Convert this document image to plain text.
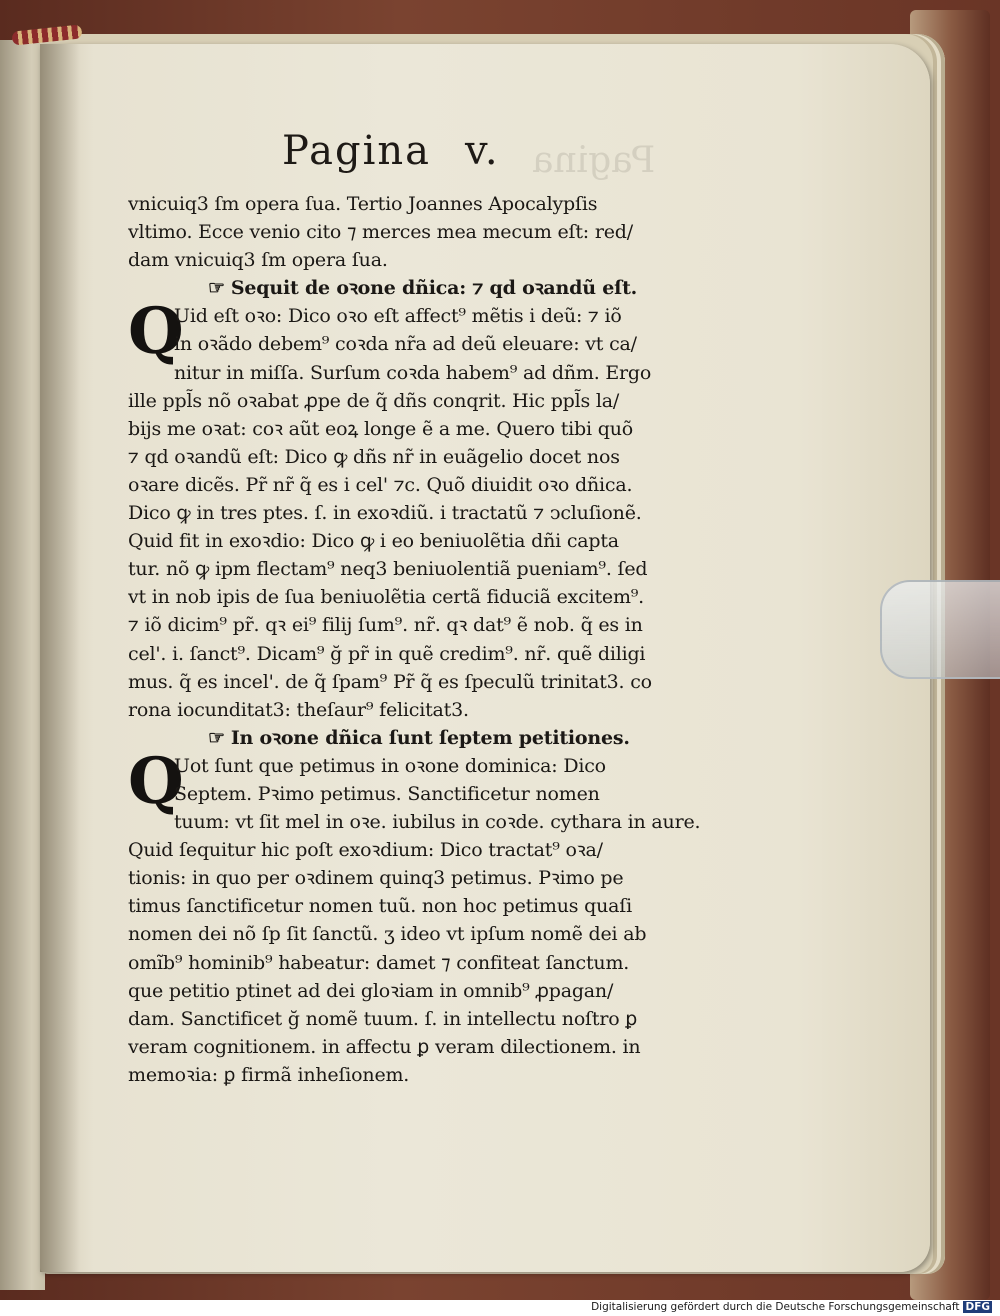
Pagina
Pagina v.
vnicuiq3 ſm opera ſua. Tertio Joannes Apocalypſis
vltimo. Ecce venio cito ⁊ merces mea mecum eſt: red/
dam vnicuiq3 ſm opera ſua.
☞ Sequit de oꝛone dñica: ⁊ qd oꝛandũ eſt.
Q
Uid eſt oꝛo: Dico oꝛo eſt affect⁹ mẽtis i deũ: ⁊ iõ
in oꝛãdo debem⁹ coꝛda nr̃a ad deũ eleuare: vt ca/
nitur in miſſa. Surſum coꝛda habem⁹ ad dñm. Ergo
ille ppl̃s nõ oꝛabat ꝓpe de q̃ dñs conqrit. Hic ppl̃s la/
bijs me oꝛat: coꝛ aũt eoꝝ longe ẽ a me. Quero tibi quõ
⁊ qd oꝛandũ eſt: Dico ꝙ dñs nr̃ in euãgelio docet nos
oꝛare dicẽs. Pr̃ nr̃ q̃ es i cel' ⁊c. Quõ diuidit oꝛo dñica.
Dico ꝙ in tres ptes. ſ. in exoꝛdiũ. i tractatũ ⁊ ↄcluſionẽ.
Quid fit in exoꝛdio: Dico ꝙ i eo beniuolẽtia dñi capta
tur. nõ ꝙ ipm flectam⁹ neq3 beniuolentiã pueniam⁹. ſed
vt in nob ipis de ſua beniuolẽtia certã fiduciã excitem⁹.
⁊ iõ dicim⁹ pr̃. qꝛ ei⁹ filij ſum⁹. nr̃. qꝛ dat⁹ ẽ nob. q̃ es in
cel'. i. ſanct⁹. Dicam⁹ ğ pr̃ in quẽ credim⁹. nr̃. quẽ diligi
mus. q̃ es incel'. de q̃ ſpam⁹ Pr̃ q̃ es ſpeculũ trinitat3. co
rona iocunditat3: theſaur⁹ felicitat3.
☞ In oꝛone dñica ſunt ſeptem petitiones.
Q
Uot ſunt que petimus in oꝛone dominica: Dico
Septem. Pꝛimo petimus. Sanctificetur nomen
tuum: vt ſit mel in oꝛe. iubilus in coꝛde. cythara in aure.
Quid ſequitur hic poſt exoꝛdium: Dico tractat⁹ oꝛa/
tionis: in quo per oꝛdinem quinq3 petimus. Pꝛimo pe
timus ſanctificetur nomen tuũ. non hoc petimus quaſi
nomen dei nõ ſp ſit ſanctũ. ʒ ideo vt ipſum nomẽ dei ab
omĩb⁹ hominib⁹ habeatur: damet ⁊ confiteat ſanctum.
que petitio ptinet ad dei gloꝛiam in omnib⁹ ꝓpagan/
dam. Sanctificet ğ nomẽ tuum. ſ. in intellectu noſtro ꝑ
veram cognitionem. in affectu ꝑ veram dilectionem. in
memoꝛia: ꝑ firmã inheſionem.
Digitalisierung gefördert durch die Deutsche Forschungsgemeinschaft DFG
